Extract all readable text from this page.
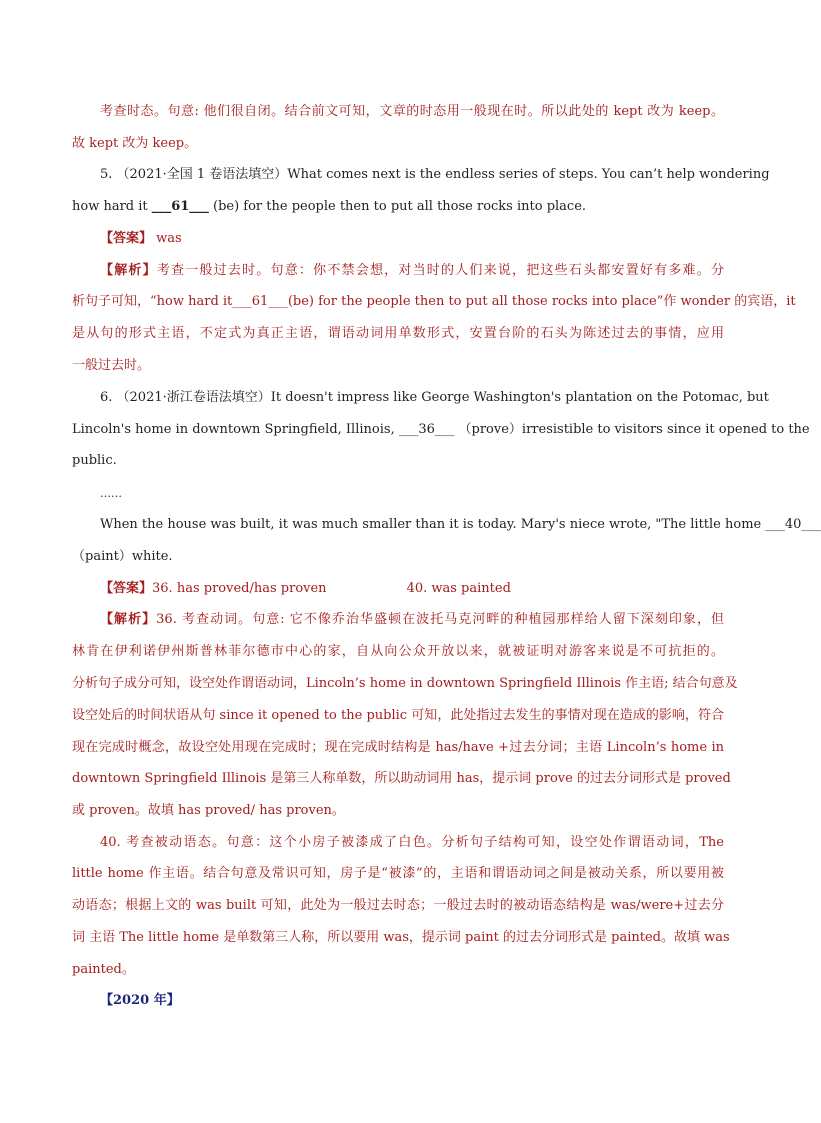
考查时态。句意: 他们很自闭。结合前文可知，文章的时态用一般现在时。所以此处的 kept 改为 keep。
故 kept 改为 keep。
5. （2021·全国 1 卷语法填空）What comes next is the endless series of steps. You can’t help wondering
how hard it ___61___ (be) for the people then to put all those rocks into place.
【答案】 was
【解析】考查一般过去时。句意：你不禁会想，对当时的人们来说，把这些石头都安置好有多难。分
析句子可知，“how hard it___61___(be) for the people then to put all those rocks into place”作 wonder 的宾语，it
是从句的形式主语，不定式为真正主语，谓语动词用单数形式，安置台阶的石头为陈述过去的事情，应用
一般过去时。
6. （2021·浙江卷语法填空）It doesn't impress like George Washington's plantation on the Potomac, but
Lincoln's home in downtown Springfield, Illinois, ___36___ （prove）irresistible to visitors since it opened to the
public.
……
When the house was built, it was much smaller than it is today. Mary's niece wrote, "The little home ___40___
（paint）white.
【答案】36. has proved/has proven	40. was painted
【解析】36. 考查动词。句意: 它不像乔治华盛顿在波托马克河畔的种植园那样给人留下深刻印象，但
林肯在伊利诺伊州斯普林菲尔德市中心的家，自从向公众开放以来，就被证明对游客来说是不可抗拒的。
分析句子成分可知，设空处作谓语动词，Lincoln’s home in downtown Springfield Illinois 作主语; 结合句意及
设空处后的时间状语从句 since it opened to the public 可知，此处指过去发生的事情对现在造成的影响，符合
现在完成时概念，故设空处用现在完成时；现在完成时结构是 has/have +过去分词；主语 Lincoln’s home in
downtown Springfield Illinois 是第三人称单数，所以助动词用 has，提示词 prove 的过去分词形式是 proved
或 proven。故填 has proved/ has proven。
40. 考查被动语态。句意：这个小房子被漆成了白色。分析句子结构可知，设空处作谓语动词，The
little home 作主语。结合句意及常识可知，房子是“被漆”的，主语和谓语动词之间是被动关系，所以要用被
动语态；根据上文的 was built 可知，此处为一般过去时态；一般过去时的被动语态结构是 was/were+过去分
词 主语 The little home 是单数第三人称，所以要用 was，提示词 paint 的过去分词形式是 painted。故填 was
painted。
【2020 年】
